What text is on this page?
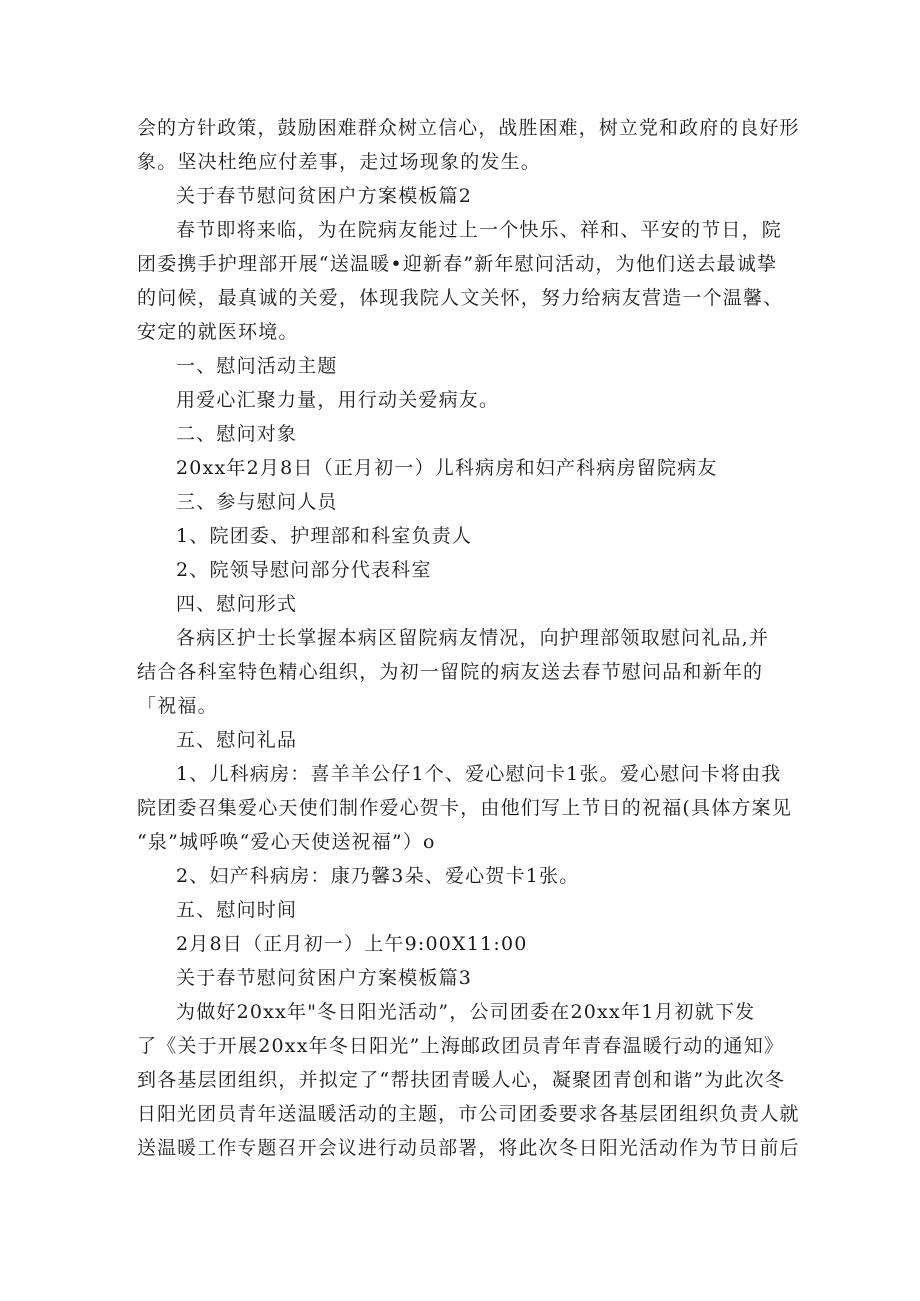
会的方针政策，鼓励困难群众树立信心，战胜困难，树立党和政府的良好形
象。坚决杜绝应付差事，走过场现象的发生。
关于春节慰问贫困户方案模板篇2
春节即将来临，为在院病友能过上一个快乐、祥和、平安的节日，院
团委携手护理部开展“送温暖•迎新春”新年慰问活动，为他们送去最诚挚
的问候，最真诚的关爱，体现我院人文关怀，努力给病友营造一个温馨、
安定的就医环境。
一、慰问活动主题
用爱心汇聚力量，用行动关爱病友。
二、慰问对象
20xx年2月8日（正月初一）儿科病房和妇产科病房留院病友
三、参与慰问人员
1、院团委、护理部和科室负责人
2、院领导慰问部分代表科室
四、慰问形式
各病区护士长掌握本病区留院病友情况，向护理部领取慰问礼品,并
结合各科室特色精心组织，为初一留院的病友送去春节慰问品和新年的
「祝福。
五、慰问礼品
1、儿科病房：喜羊羊公仔1个、爱心慰问卡1张。爱心慰问卡将由我
院团委召集爱心天使们制作爱心贺卡，由他们写上节日的祝福(具体方案见
“泉”城呼唤“爱心天使送祝福”）o
2、妇产科病房：康乃馨3朵、爱心贺卡1张。
五、慰问时间
2月8日（正月初一）上午9:00X11:00
关于春节慰问贫困户方案模板篇3
为做好20xx年"冬日阳光活动”，公司团委在20xx年1月初就下发
了《关于开展20xx年冬日阳光”上海邮政团员青年青春温暖行动的通知》
到各基层团组织，并拟定了“帮扶团青暖人心，凝聚团青创和谐”为此次冬
日阳光团员青年送温暖活动的主题，市公司团委要求各基层团组织负责人就
送温暖工作专题召开会议进行动员部署，将此次冬日阳光活动作为节日前后
